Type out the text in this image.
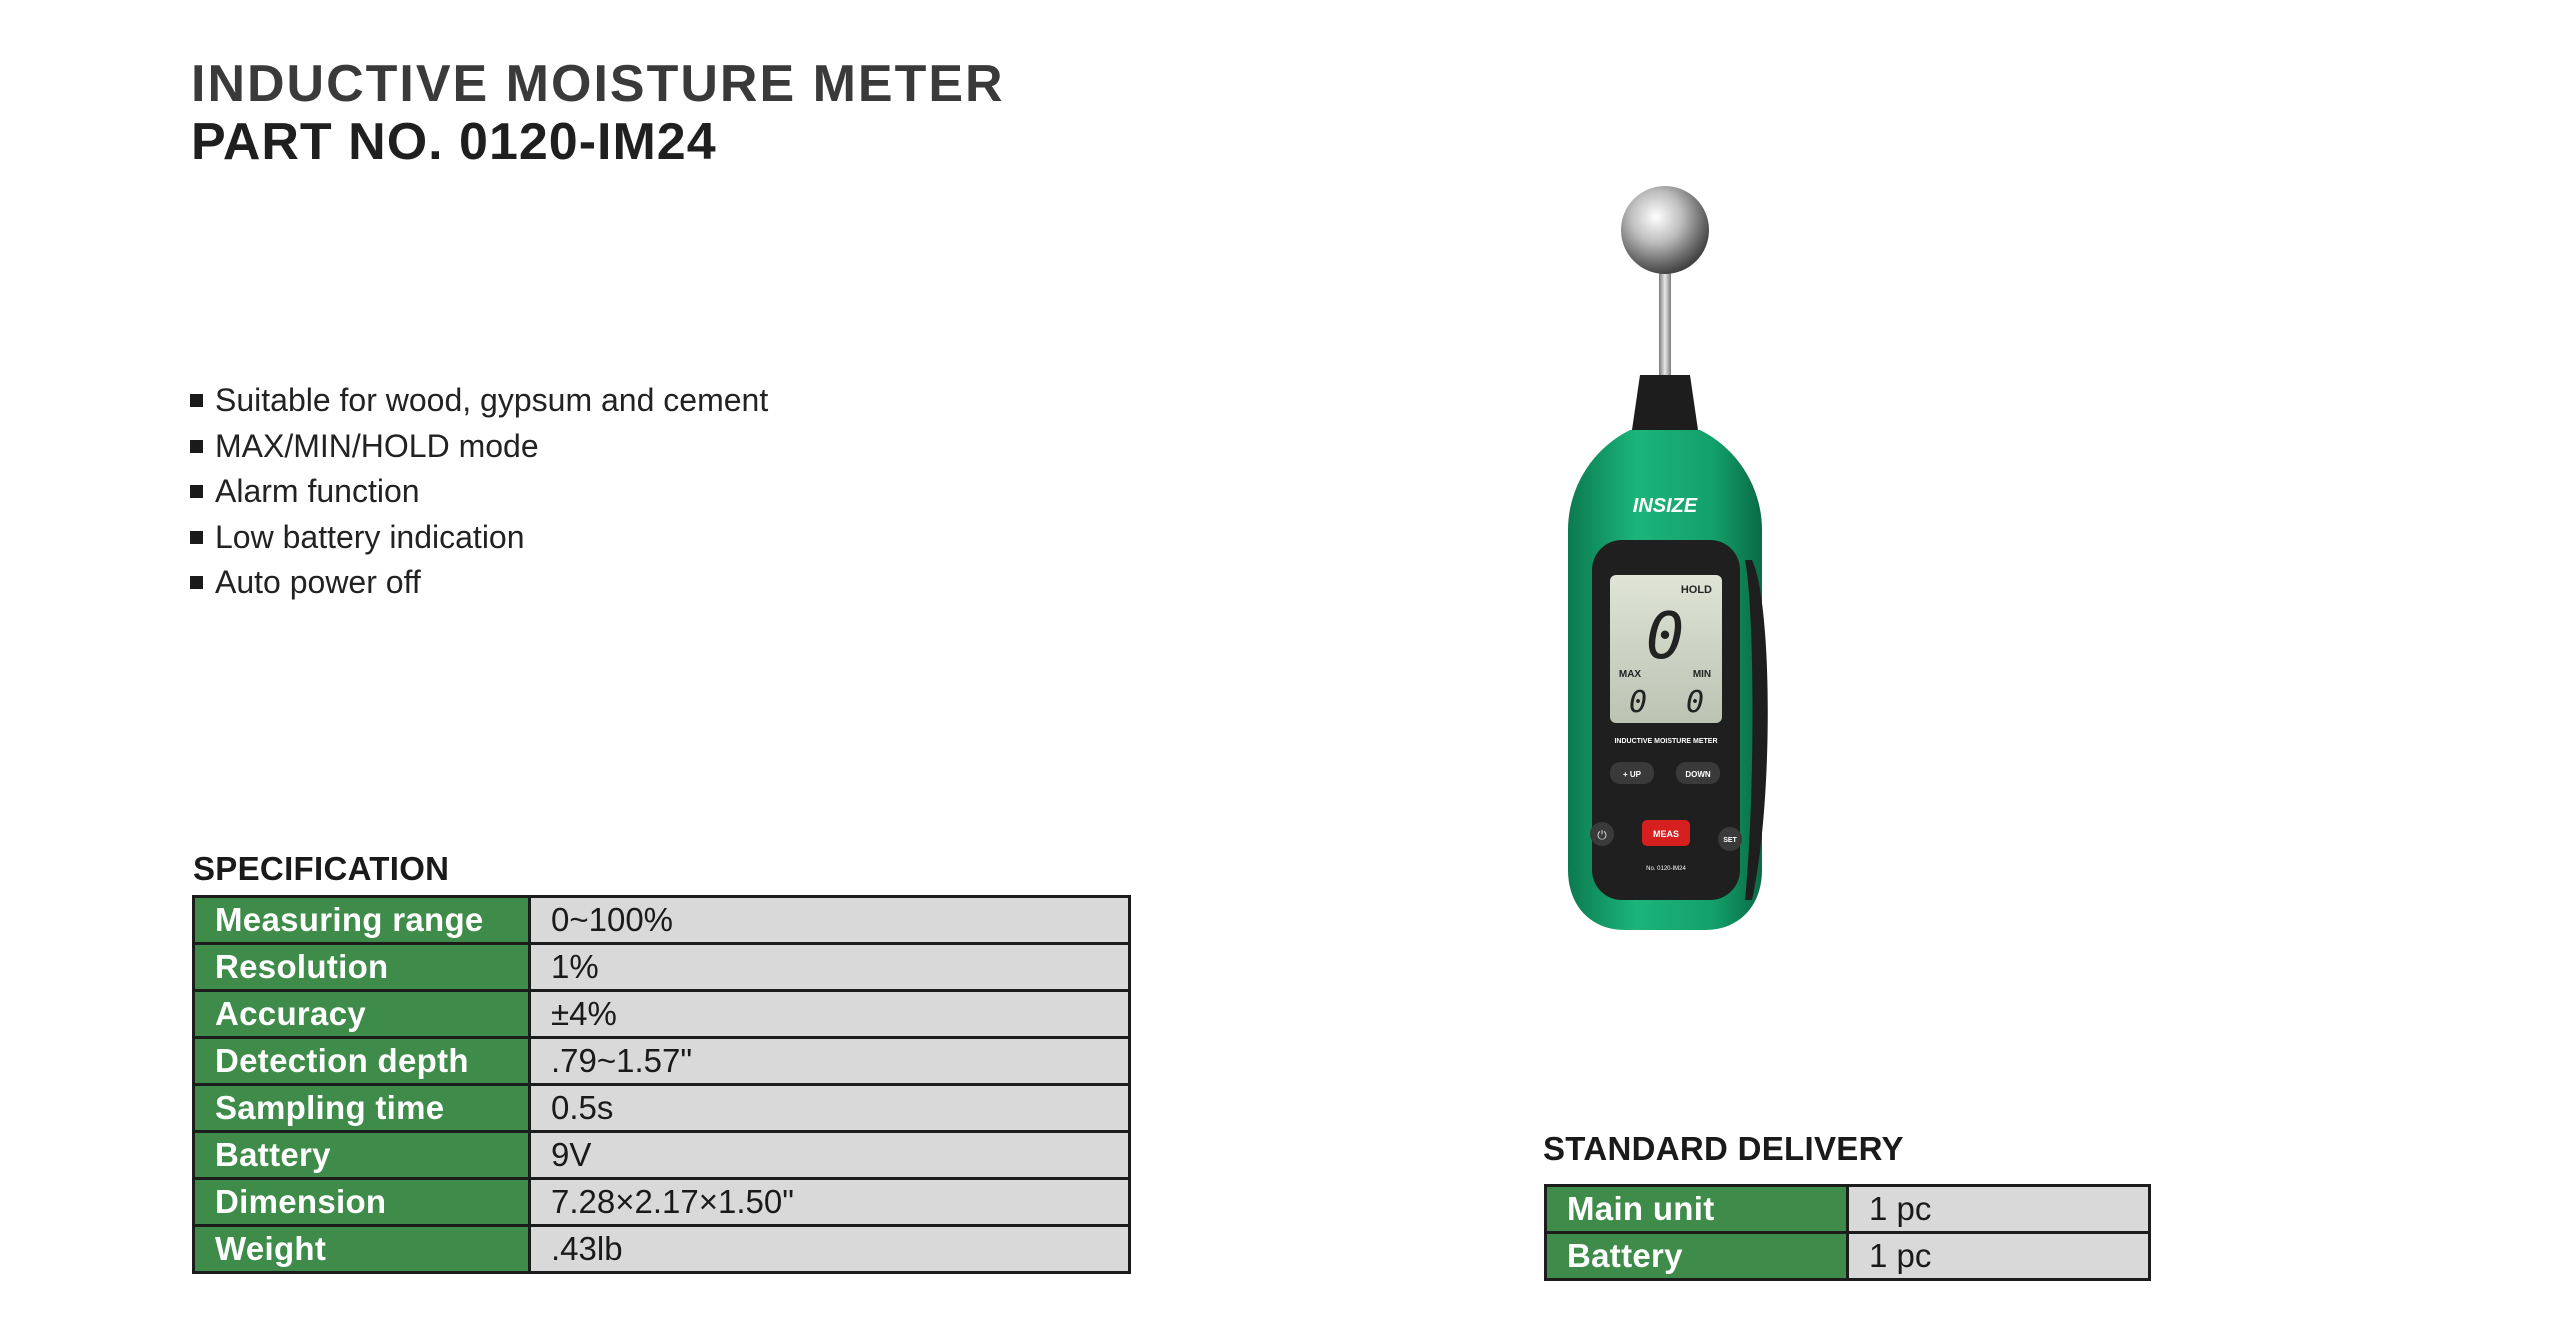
INDUCTIVE MOISTURE METER
PART NO. 0120-IM24
Suitable for wood, gypsum and cement
MAX/MIN/HOLD mode
Alarm function
Low battery indication
Auto power off
INSIZE
HOLD
0
MAX	MIN
0 0
INDUCTIVE MOISTURE METER
+ UP	DOWN
⏻	MEAS
SET
No. 0120-IM24
SPECIFICATION
Measuring range	0~100%
Resolution	1%
Accuracy	±4%
Detection depth	.79~1.57"
Sampling time	0.5s
Battery	9V
Dimension	7.28×2.17×1.50"
Weight	.43lb
STANDARD DELIVERY
Main unit	1 pc
Battery	1 pc
